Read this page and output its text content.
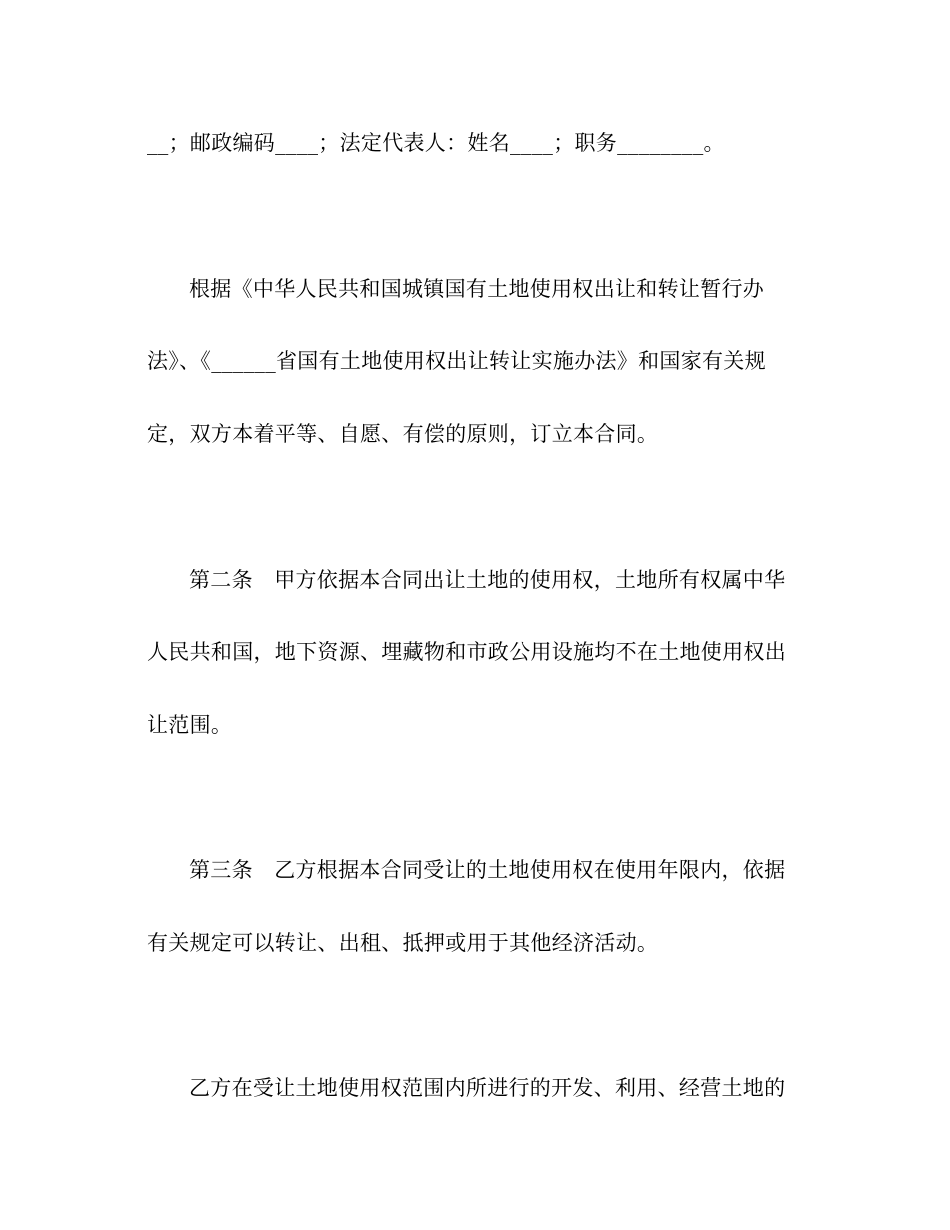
__；邮政编码____；法定代表人：姓名____；职务________。
根据《中华人民共和国城镇国有土地使用权出让和转让暂行办
法》、《______省国有土地使用权出让转让实施办法》和国家有关规
定，双方本着平等、自愿、有偿的原则，订立本合同。
第二条　甲方依据本合同出让土地的使用权，土地所有权属中华
人民共和国，地下资源、埋藏物和市政公用设施均不在土地使用权出
让范围。
第三条　乙方根据本合同受让的土地使用权在使用年限内，依据
有关规定可以转让、出租、抵押或用于其他经济活动。
乙方在受让土地使用权范围内所进行的开发、利用、经营土地的
